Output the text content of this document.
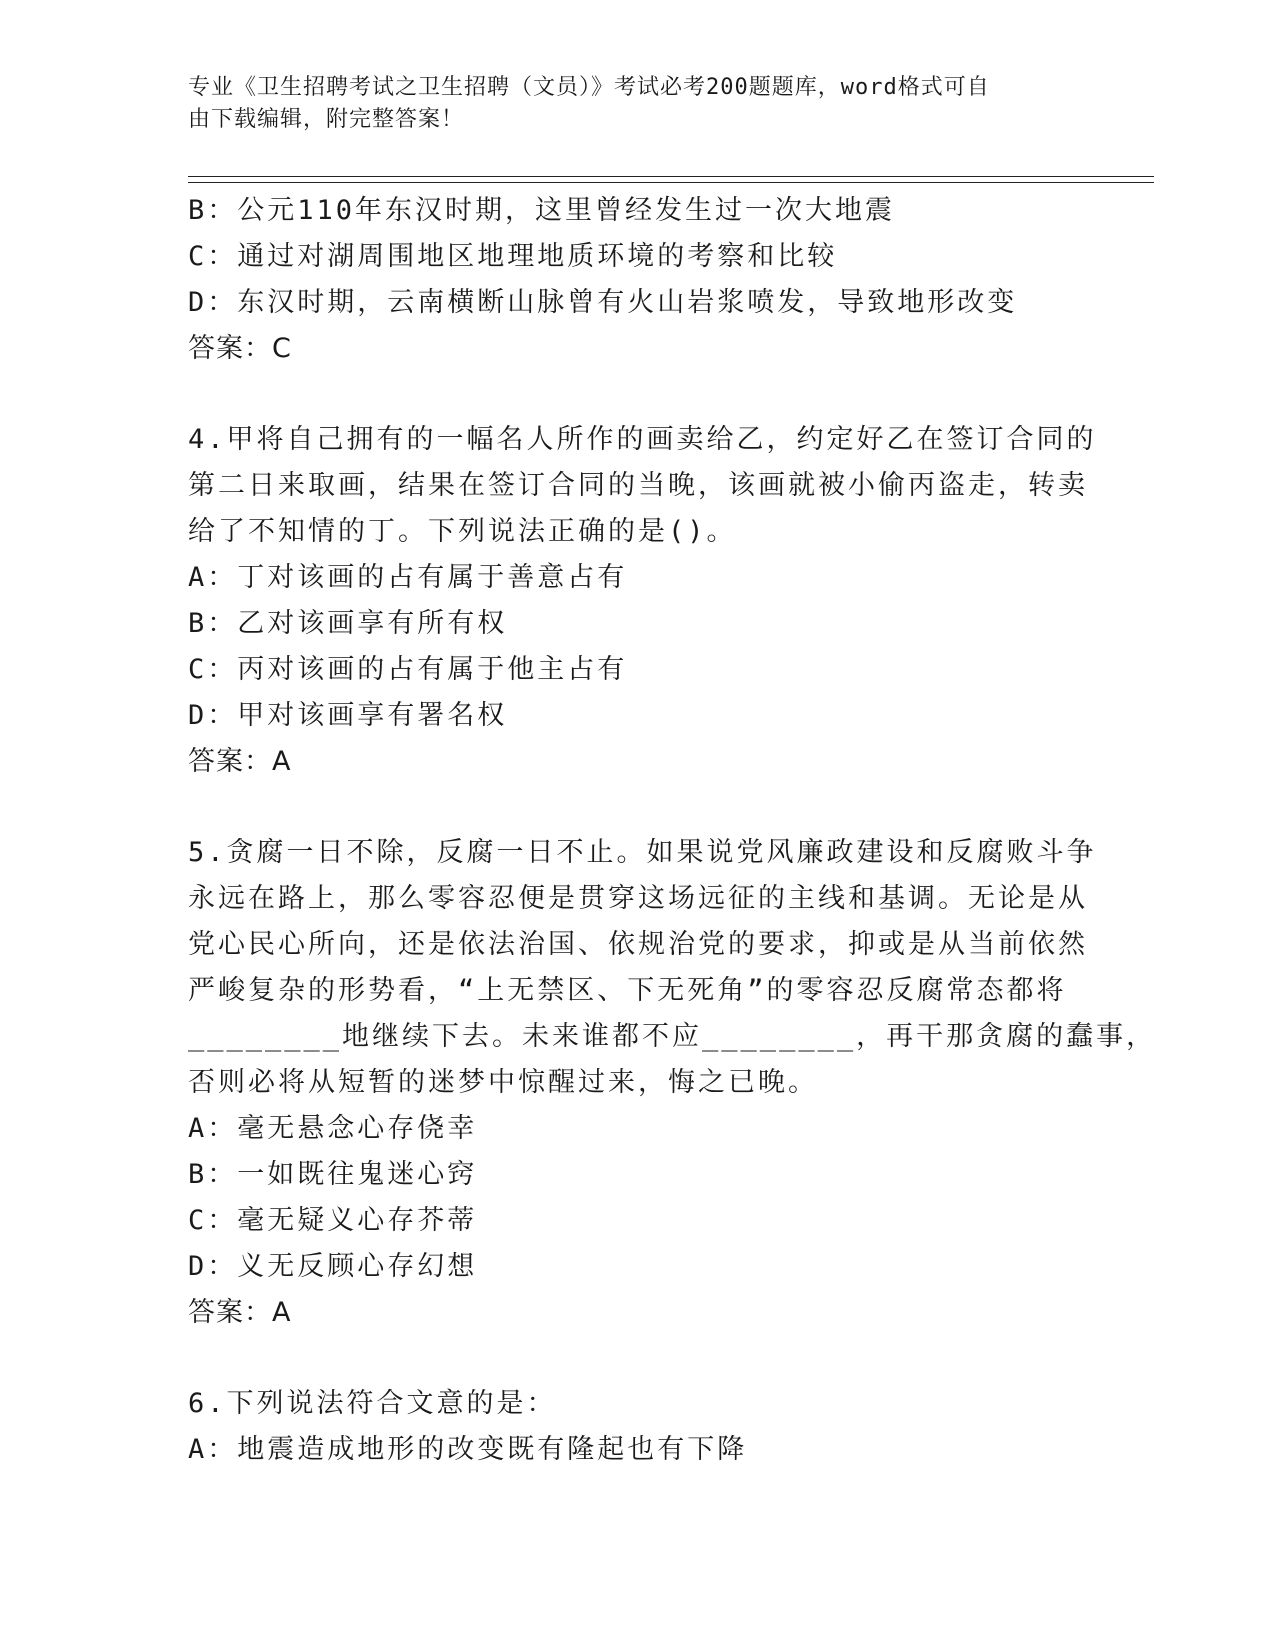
专业《卫生招聘考试之卫生招聘（文员）》考试必考200题题库，word格式可自
由下载编辑，附完整答案！
B：公元110年东汉时期，这里曾经发生过一次大地震
C：通过对湖周围地区地理地质环境的考察和比较
D：东汉时期，云南横断山脉曾有火山岩浆喷发，导致地形改变
答案：C
4.甲将自己拥有的一幅名人所作的画卖给乙，约定好乙在签订合同的
第二日来取画，结果在签订合同的当晚，该画就被小偷丙盗走，转卖
给了不知情的丁。下列说法正确的是()。
A：丁对该画的占有属于善意占有
B：乙对该画享有所有权
C：丙对该画的占有属于他主占有
D：甲对该画享有署名权
答案：A
5.贪腐一日不除，反腐一日不止。如果说党风廉政建设和反腐败斗争
永远在路上，那么零容忍便是贯穿这场远征的主线和基调。无论是从
党心民心所向，还是依法治国、依规治党的要求，抑或是从当前依然
严峻复杂的形势看，“上无禁区、下无死角”的零容忍反腐常态都将
________地继续下去。未来谁都不应________，再干那贪腐的蠢事，
否则必将从短暂的迷梦中惊醒过来，悔之已晚。
A：毫无悬念心存侥幸
B：一如既往鬼迷心窍
C：毫无疑义心存芥蒂
D：义无反顾心存幻想
答案：A
6.下列说法符合文意的是：
A：地震造成地形的改变既有隆起也有下降
